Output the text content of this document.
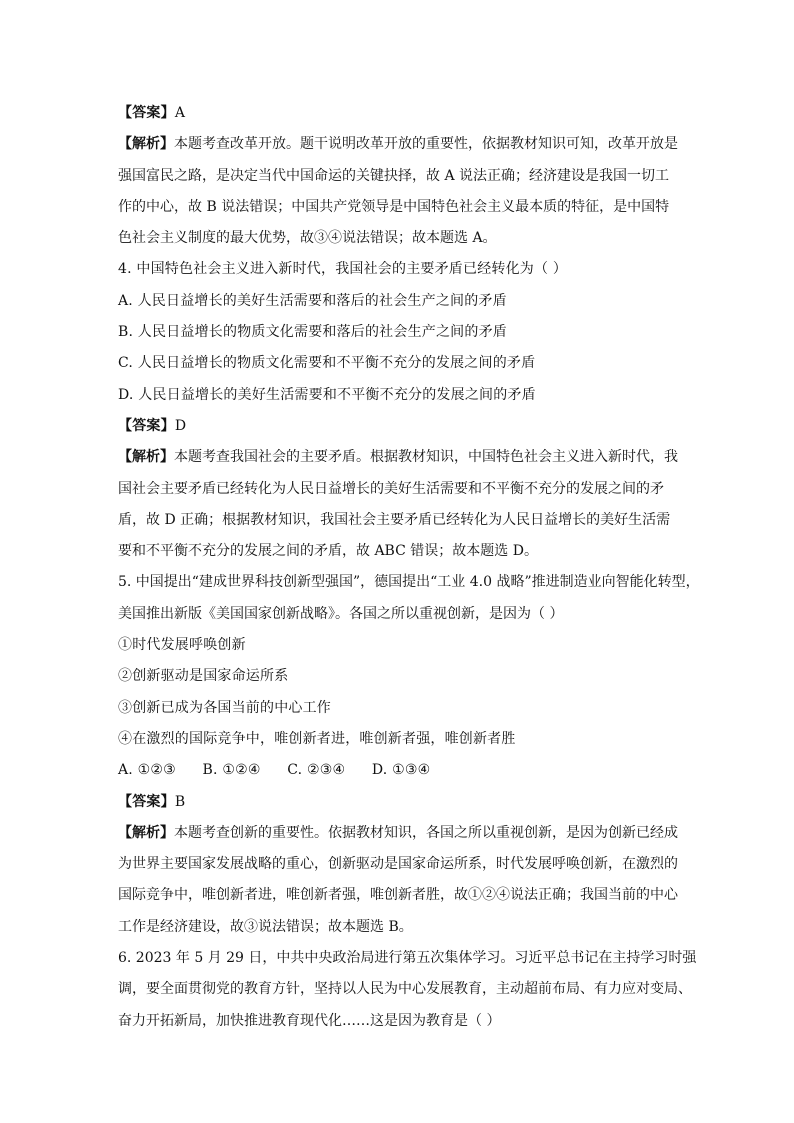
【答案】A
【解析】本题考查改革开放。题干说明改革开放的重要性，依据教材知识可知，改革开放是
强国富民之路，是决定当代中国命运的关键抉择，故 A 说法正确；经济建设是我国一切工
作的中心，故 B 说法错误；中国共产党领导是中国特色社会主义最本质的特征，是中国特
色社会主义制度的最大优势，故③④说法错误；故本题选 A。
4. 中国特色社会主义进入新时代，我国社会的主要矛盾已经转化为（ ）
A. 人民日益增长的美好生活需要和落后的社会生产之间的矛盾
B. 人民日益增长的物质文化需要和落后的社会生产之间的矛盾
C. 人民日益增长的物质文化需要和不平衡不充分的发展之间的矛盾
D. 人民日益增长的美好生活需要和不平衡不充分的发展之间的矛盾
【答案】D
【解析】本题考查我国社会的主要矛盾。根据教材知识，中国特色社会主义进入新时代，我
国社会主要矛盾已经转化为人民日益增长的美好生活需要和不平衡不充分的发展之间的矛
盾，故 D 正确；根据教材知识，我国社会主要矛盾已经转化为人民日益增长的美好生活需
要和不平衡不充分的发展之间的矛盾，故 ABC 错误；故本题选 D。
5. 中国提出“建成世界科技创新型强国”，德国提出“工业 4.0 战略”推进制造业向智能化转型，
美国推出新版《美国国家创新战略》。各国之所以重视创新，是因为（ ）
①时代发展呼唤创新
②创新驱动是国家命运所系
③创新已成为各国当前的中心工作
④在激烈的国际竞争中，唯创新者进，唯创新者强，唯创新者胜
A. ①②③ B. ①②④ C. ②③④ D. ①③④
【答案】B
【解析】本题考查创新的重要性。依据教材知识，各国之所以重视创新，是因为创新已经成
为世界主要国家发展战略的重心，创新驱动是国家命运所系，时代发展呼唤创新，在激烈的
国际竞争中，唯创新者进，唯创新者强，唯创新者胜，故①②④说法正确；我国当前的中心
工作是经济建设，故③说法错误；故本题选 B。
6. 2023 年 5 月 29 日，中共中央政治局进行第五次集体学习。习近平总书记在主持学习时强
调，要全面贯彻党的教育方针，坚持以人民为中心发展教育，主动超前布局、有力应对变局、
奋力开拓新局，加快推进教育现代化……这是因为教育是（ ）
